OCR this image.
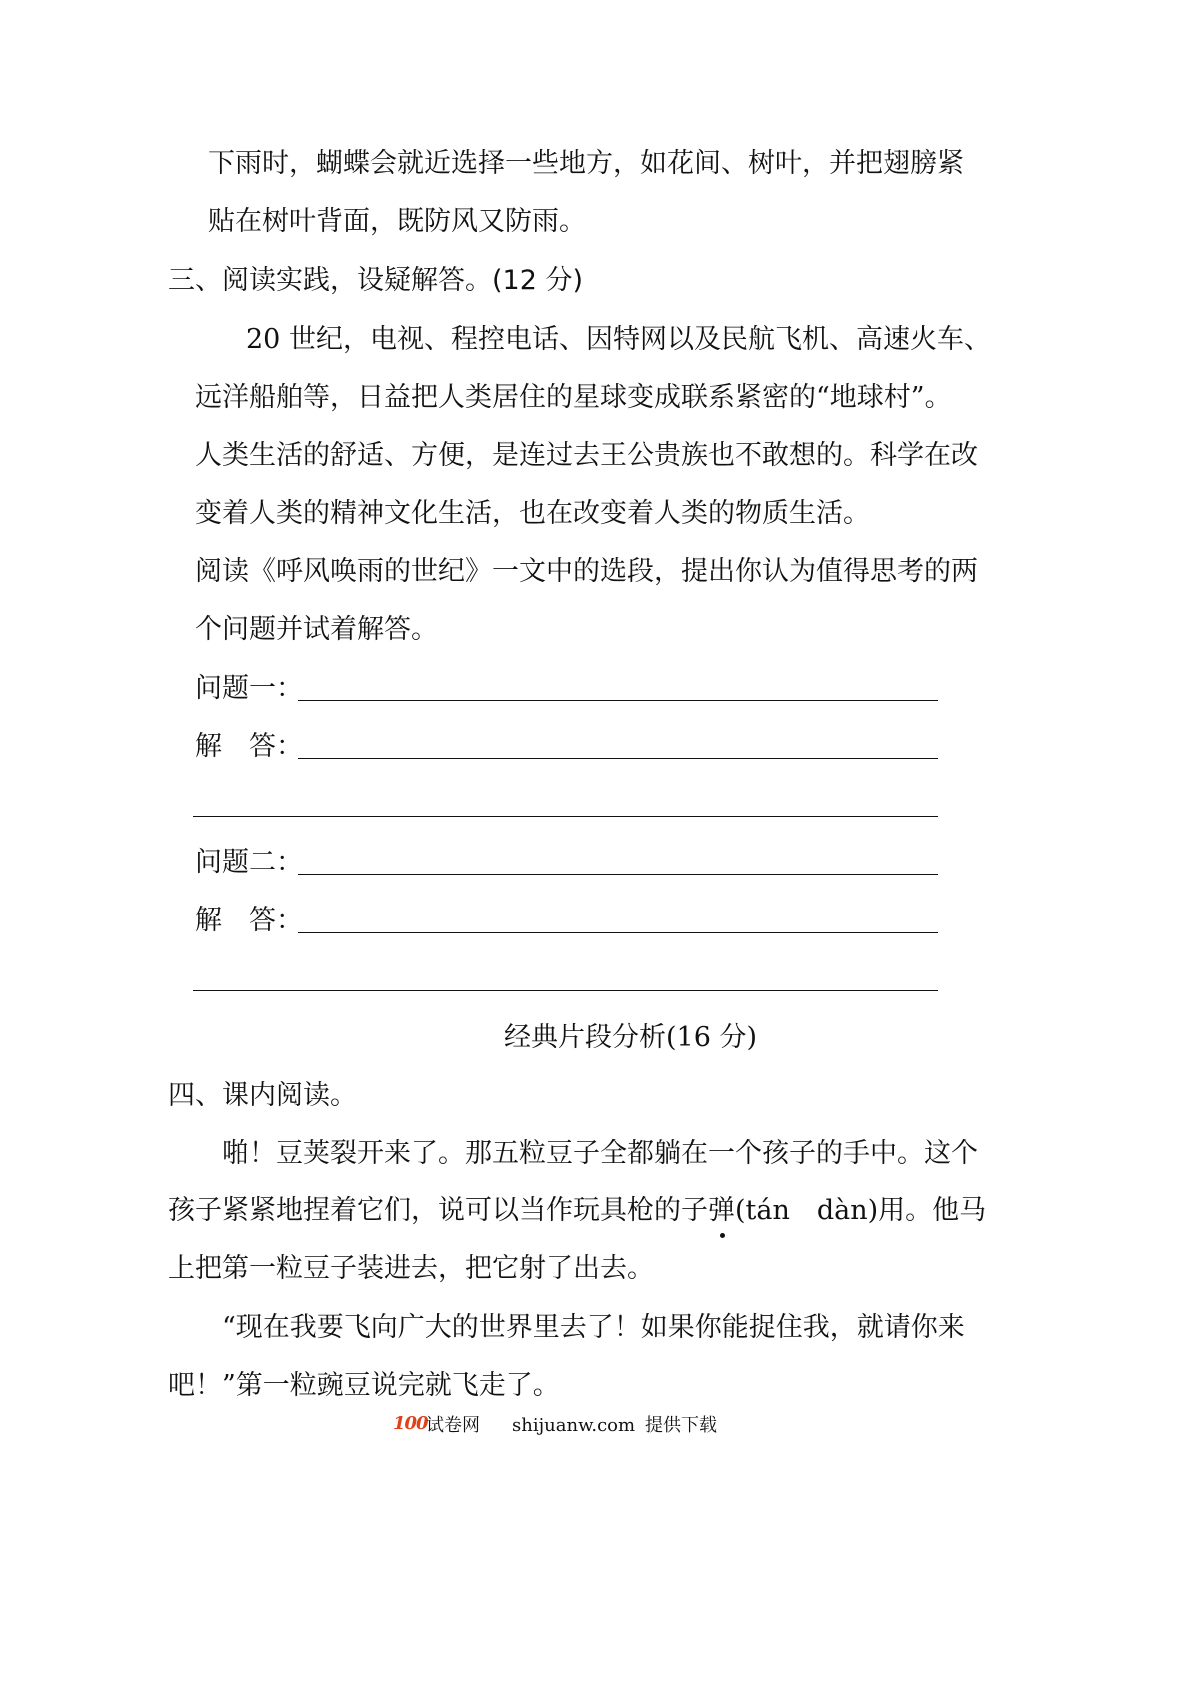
下雨时，蝴蝶会就近选择一些地方，如花间、树叶，并把翅膀紧
贴在树叶背面，既防风又防雨。
三、阅读实践，设疑解答。(12 分)
20 世纪，电视、程控电话、因特网以及民航飞机、高速火车、
远洋船舶等，日益把人类居住的星球变成联系紧密的“地球村”。
人类生活的舒适、方便，是连过去王公贵族也不敢想的。科学在改
变着人类的精神文化生活，也在改变着人类的物质生活。
阅读《呼风唤雨的世纪》一文中的选段，提出你认为值得思考的两
个问题并试着解答。
问题一：
解　答：
问题二：
解　答：
经典片段分析(16 分)
四、课内阅读。
啪！豆荚裂开来了。那五粒豆子全都躺在一个孩子的手中。这个
孩子紧紧地捏着它们，说可以当作玩具枪的子弹
(tán　dàn)用。他马
上把第一粒豆子装进去，把它射了出去。
“现在我要飞向广大的世界里去了！如果你能捉住我，就请你来
吧！”第一粒豌豆说完就飞走了。
100
试卷网 shijuanw.com 提供下载
